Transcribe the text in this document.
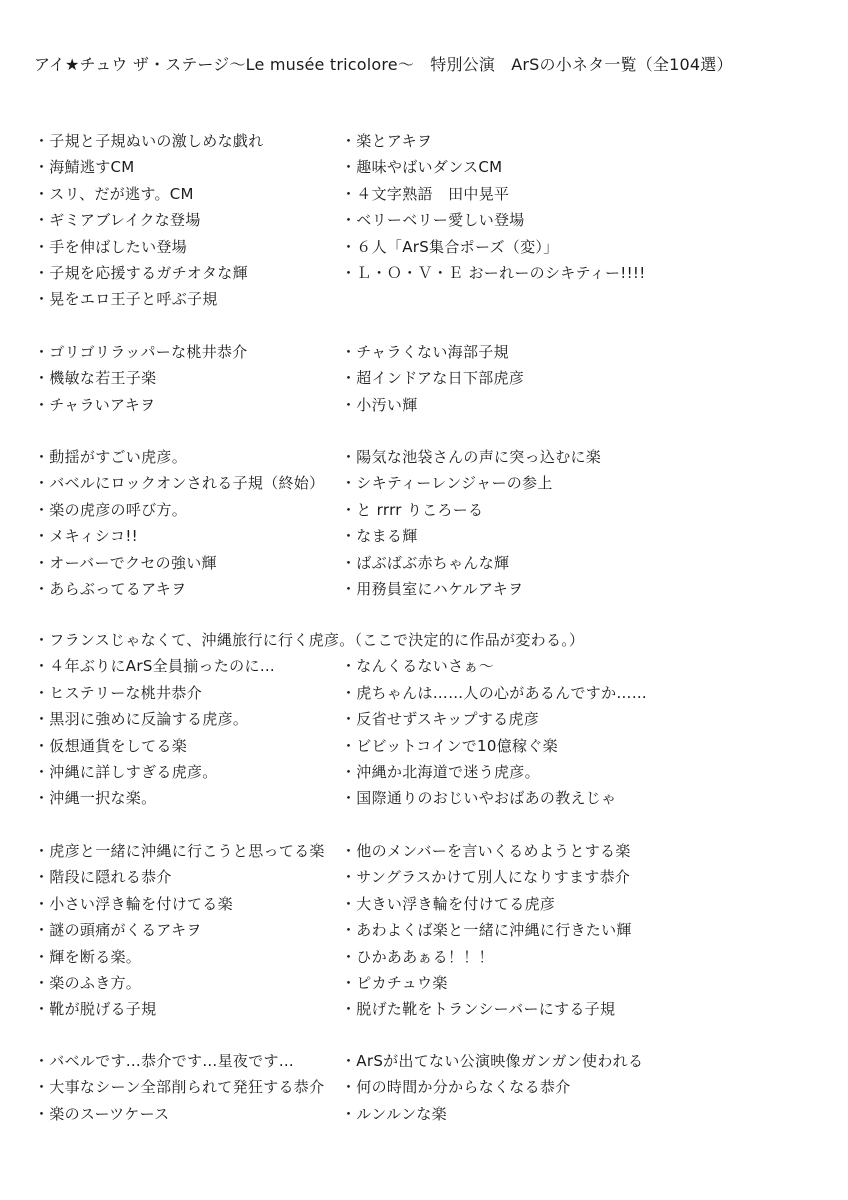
アイ★チュウ ザ・ステージ〜Le musée tricolore〜　特別公演　ArSの小ネタ一覧（全104選）
・子規と子規ぬいの激しめな戯れ
・海鯖逃すCM
・スリ、だが逃す。CM
・ギミアブレイクな登場
・手を伸ばしたい登場
・子規を応援するガチオタな輝
・晃をエロ王子と呼ぶ子規
・楽とアキヲ
・趣味やばいダンスCM
・４文字熟語　田中晃平
・ベリーベリー愛しい登場
・６人「ArS集合ポーズ（変）」
・Ｌ・Ｏ・Ｖ・Ｅ おーれーのシキティー!!!!
・ゴリゴリラッパーな桃井恭介
・機敏な若王子楽
・チャラいアキヲ
・チャラくない海部子規
・超インドアな日下部虎彦
・小汚い輝
・動揺がすごい虎彦。
・バベルにロックオンされる子規（終始）
・楽の虎彦の呼び方。
・メキィシコ!!
・オーバーでクセの強い輝
・あらぶってるアキヲ
・陽気な池袋さんの声に突っ込むに楽
・シキティーレンジャーの参上
・と rrrr りころーる
・なまる輝
・ばぶばぶ赤ちゃんな輝
・用務員室にハケルアキヲ
・フランスじゃなくて、沖縄旅行に行く虎彦。（ここで決定的に作品が変わる。）
・４年ぶりにArS全員揃ったのに…
・ヒステリーな桃井恭介
・黒羽に強めに反論する虎彦。
・仮想通貨をしてる楽
・沖縄に詳しすぎる虎彦。
・沖縄一択な楽。
・なんくるないさぁ〜
・虎ちゃんは……人の心があるんですか……
・反省せずスキップする虎彦
・ビビットコインで10億稼ぐ楽
・沖縄か北海道で迷う虎彦。
・国際通りのおじいやおばあの教えじゃ
・虎彦と一緒に沖縄に行こうと思ってる楽
・階段に隠れる恭介
・小さい浮き輪を付けてる楽
・謎の頭痛がくるアキヲ
・輝を断る楽。
・楽のふき方。
・靴が脱げる子規
・他のメンバーを言いくるめようとする楽
・サングラスかけて別人になりすます恭介
・大きい浮き輪を付けてる虎彦
・あわよくば楽と一緒に沖縄に行きたい輝
・ひかああぁる！！！
・ピカチュウ楽
・脱げた靴をトランシーバーにする子規
・バベルです…恭介です…星夜です…
・大事なシーン全部削られて発狂する恭介
・楽のスーツケース
・ArSが出てない公演映像ガンガン使われる
・何の時間か分からなくなる恭介
・ルンルンな楽
